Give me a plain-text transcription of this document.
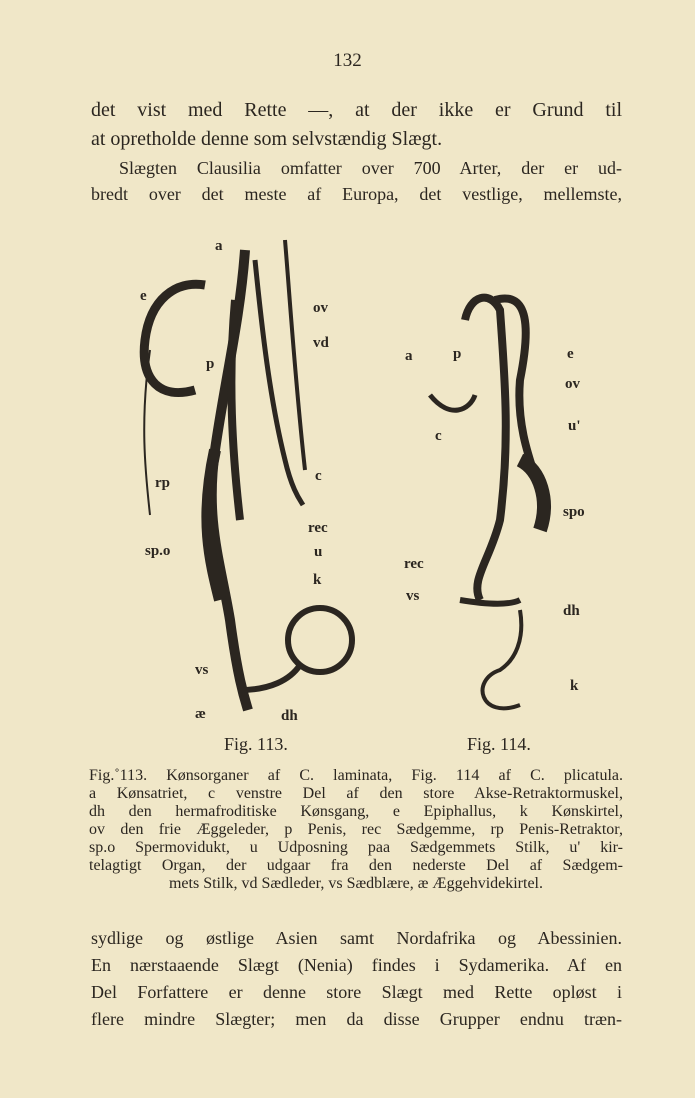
132
det vist med Rette —, at der ikke er Grund til
at opretholde denne som selvstændig Slægt.
Slægten Clausilia omfatter over 700 Arter, der er ud-
bredt over det meste af Europa, det vestlige, mellemste,
a
e
ov
vd
p
rp	c
rec
u
sp.o
k
vs
æ	dh
a	p	e
ov
c
u'
spo
rec
vs
dh
k
Fig. 113.	Fig. 114.
Fig.˚113. Kønsorganer af C. laminata, Fig. 114 af C. plicatula.
a Kønsatriet, c venstre Del af den store Akse-Retraktormuskel,
dh den hermafroditiske Kønsgang, e Epiphallus, k Kønskirtel,
ov den frie Æggeleder, p Penis, rec Sædgemme, rp Penis-Retraktor,
sp.o Spermovidukt, u Udposning paa Sædgemmets Stilk, u' kir-
telagtigt Organ, der udgaar fra den nederste Del af Sædgem-
mets Stilk, vd Sædleder, vs Sædblære, æ Æggehvidekirtel.
sydlige og østlige Asien samt Nordafrika og Abessinien.
En nærstaaende Slægt (Nenia) findes i Sydamerika. Af en
Del Forfattere er denne store Slægt med Rette opløst i
flere mindre Slægter; men da disse Grupper endnu træn-
